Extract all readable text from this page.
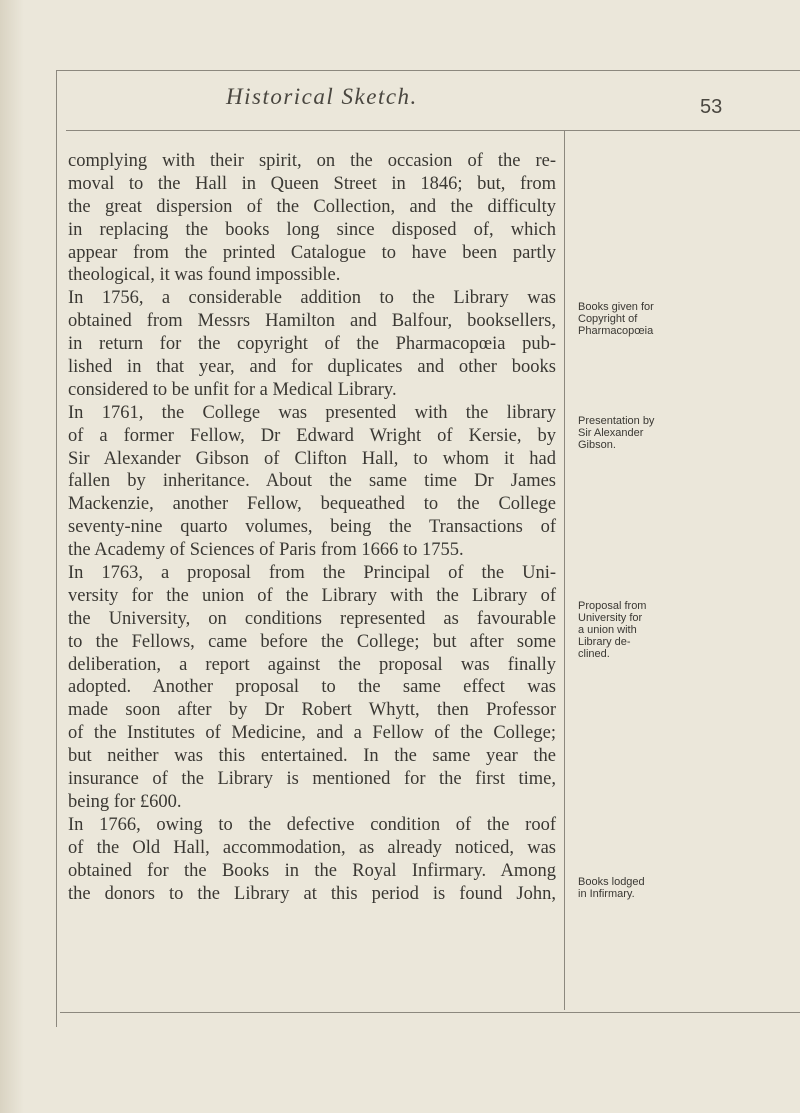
Historical Sketch.	53
complying with their spirit, on the occasion of the re-
moval to the Hall in Queen Street in 1846; but, from
the great dispersion of the Collection, and the difficulty
in replacing the books long since disposed of, which
appear from the printed Catalogue to have been partly
theological, it was found impossible.
In 1756, a considerable addition to the Library was
obtained from Messrs Hamilton and Balfour, booksellers,
in return for the copyright of the Pharmacopœia pub-
lished in that year, and for duplicates and other books
considered to be unfit for a Medical Library.
In 1761, the College was presented with the library
of a former Fellow, Dr Edward Wright of Kersie, by
Sir Alexander Gibson of Clifton Hall, to whom it had
fallen by inheritance. About the same time Dr James
Mackenzie, another Fellow, bequeathed to the College
seventy-nine quarto volumes, being the Transactions of
the Academy of Sciences of Paris from 1666 to 1755.
In 1763, a proposal from the Principal of the Uni-
versity for the union of the Library with the Library of
the University, on conditions represented as favourable
to the Fellows, came before the College; but after some
deliberation, a report against the proposal was finally
adopted. Another proposal to the same effect was
made soon after by Dr Robert Whytt, then Professor
of the Institutes of Medicine, and a Fellow of the College;
but neither was this entertained. In the same year the
insurance of the Library is mentioned for the first time,
being for £600.
In 1766, owing to the defective condition of the roof
of the Old Hall, accommodation, as already noticed, was
obtained for the Books in the Royal Infirmary. Among
the donors to the Library at this period is found John,
Books given for
Copyright of
Pharmacopœia
Presentation by
Sir Alexander
Gibson.
Proposal from
University for
a union with
Library de-
clined.
Books lodged
in Infirmary.
